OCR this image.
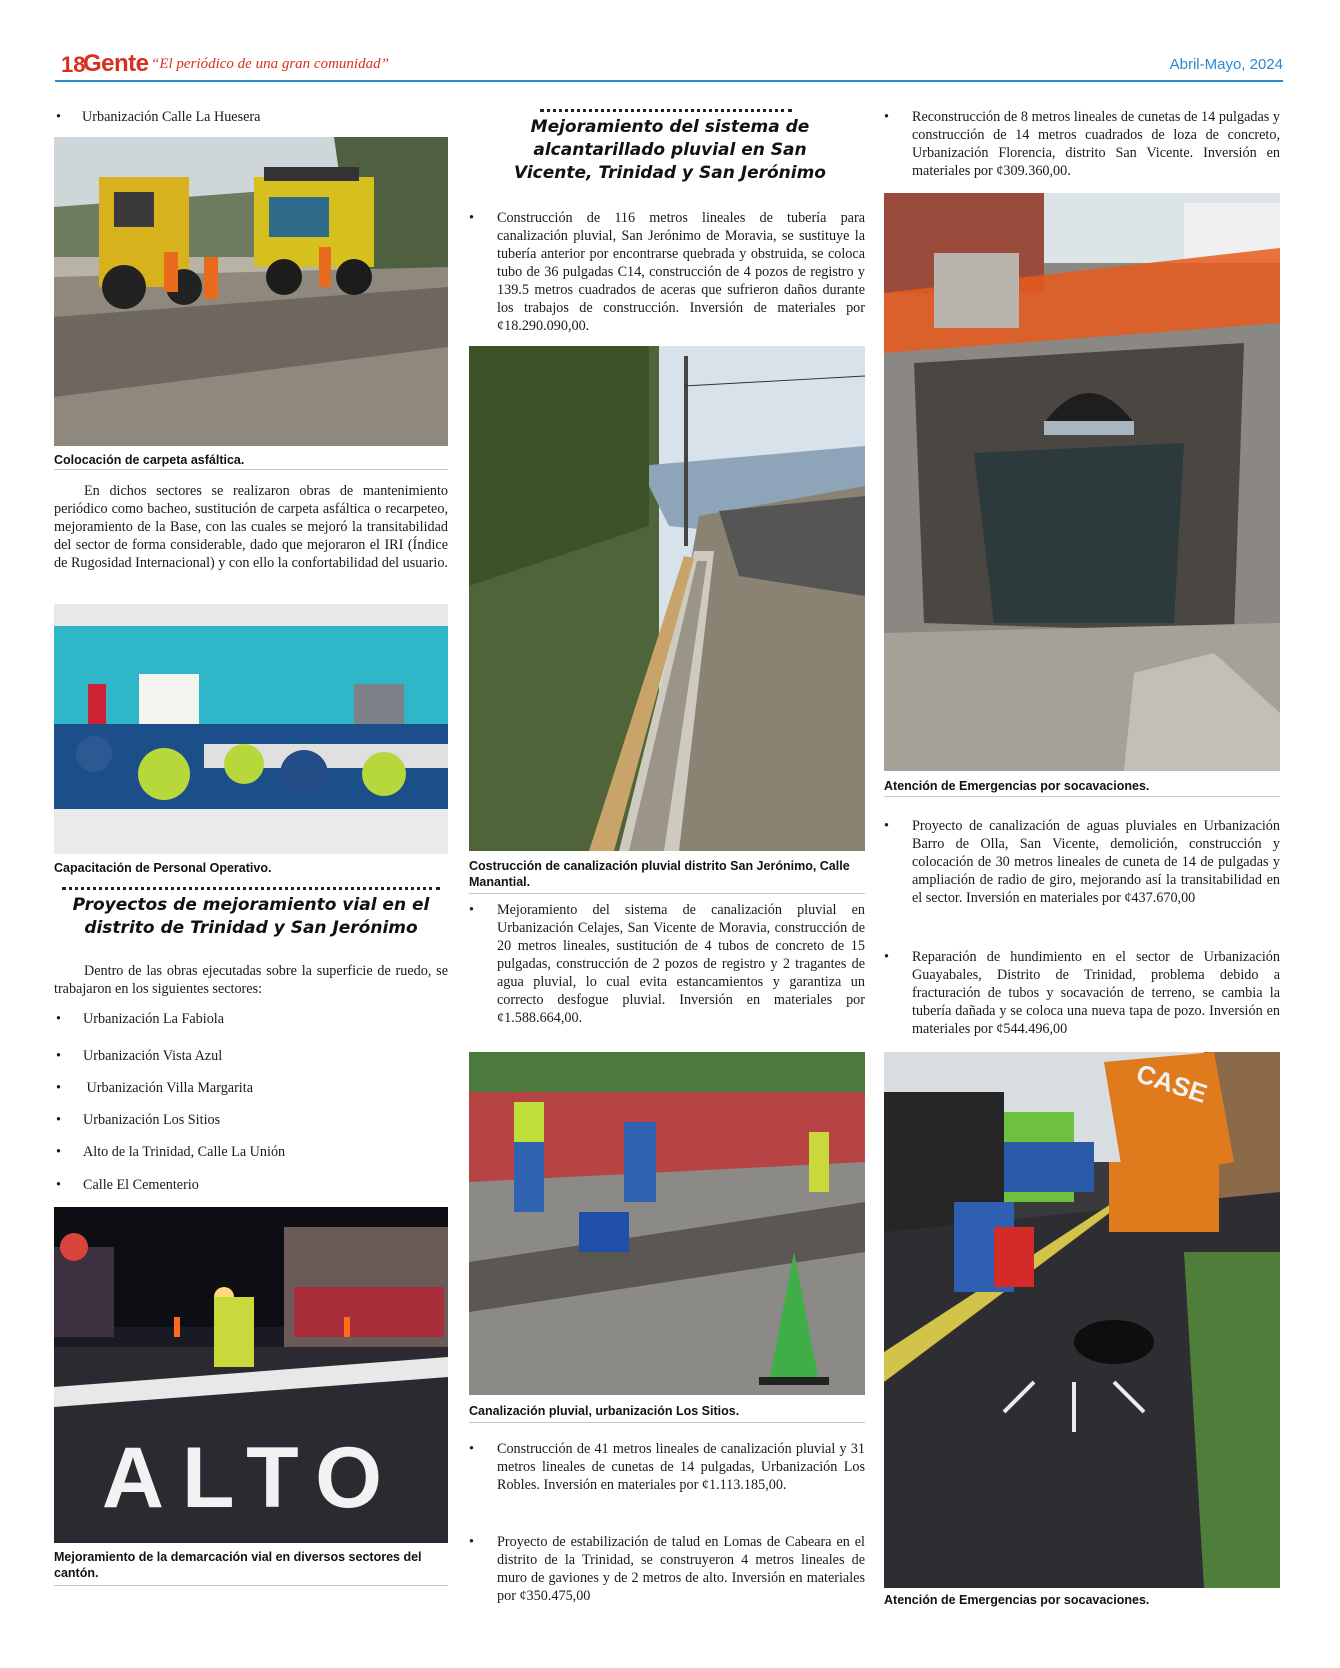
18
Gente “El periódico de una gran comunidad”	Abril-Mayo, 2024
•	Urbanización Calle La Huesera
Colocación de carpeta asfáltica.
En dichos sectores se realizaron obras de mantenimiento periódico como bacheo, sustitución de carpeta asfáltica o recarpeteo, mejoramiento de la Base, con las cuales se mejoró la transitabilidad del sector de forma considerable, dado que mejoraron el IRI (Índice de Rugosidad Internacional) y con ello la confortabilidad del usuario.
Capacitación de Personal Operativo.
Proyectos de mejoramiento vial en el distrito de Trinidad y San Jerónimo
Dentro de las obras ejecutadas sobre la superficie de ruedo, se trabajaron en los siguientes sectores:
•	Urbanización La Fabiola
•	Urbanización Vista Azul
•	Urbanización Villa Margarita
•	Urbanización Los Sitios
•	Alto de la Trinidad, Calle La Unión
•	Calle El Cementerio
ALTO
Mejoramiento de la demarcación vial en diversos sectores del cantón.
Mejoramiento del sistema de alcantarillado pluvial en San Vicente, Trinidad y San Jerónimo
•	Construcción de 116 metros lineales de tubería para canalización pluvial, San Jerónimo de Moravia, se sustituye la tubería anterior por encontrarse quebrada y obstruida, se coloca tubo de 36 pulgadas C14, construcción de 4 pozos de registro y 139.5 metros cuadrados de aceras que sufrieron daños durante los trabajos de construcción. Inversión de materiales por ¢18.290.090,00.
Costrucción de canalización pluvial distrito San Jerónimo, Calle Manantial.
•	Mejoramiento del sistema de canalización pluvial en Urbanización Celajes, San Vicente de Moravia, construcción de 20 metros lineales, sustitución de 4 tubos de concreto de 15 pulgadas, construcción de 2 pozos de registro y 2 tragantes de agua pluvial, lo cual evita estancamientos y garantiza un correcto desfogue pluvial. Inversión en materiales por ¢1.588.664,00.
Canalización pluvial, urbanización Los Sitios.
•	Construcción de 41 metros lineales de canalización pluvial y 31 metros lineales de cunetas de 14 pulgadas, Urbanización Los Robles. Inversión en materiales por ¢1.113.185,00.
•	Proyecto de estabilización de talud en Lomas de Cabeara en el distrito de la Trinidad, se construyeron 4 metros lineales de muro de gaviones y de 2 metros de alto. Inversión en materiales por ¢350.475,00
•	Reconstrucción de 8 metros lineales de cunetas de 14 pulgadas y construcción de 14 metros cuadrados de loza de concreto, Urbanización Florencia, distrito San Vicente. Inversión en materiales por ¢309.360,00.
Atención de Emergencias por socavaciones.
•	Proyecto de canalización de aguas pluviales en Urbanización Barro de Olla, San Vicente, demolición, construcción y colocación de 30 metros lineales de cuneta de 14 de pulgadas y ampliación de radio de giro, mejorando así la transitabilidad en el sector. Inversión en materiales por ¢437.670,00
•	Reparación de hundimiento en el sector de Urbanización Guayabales, Distrito de Trinidad, problema debido a fracturación de tubos y socavación de terreno, se cambia la tubería dañada y se coloca una nueva tapa de pozo. Inversión en materiales por ¢544.496,00
CASE
Atención de Emergencias por socavaciones.
